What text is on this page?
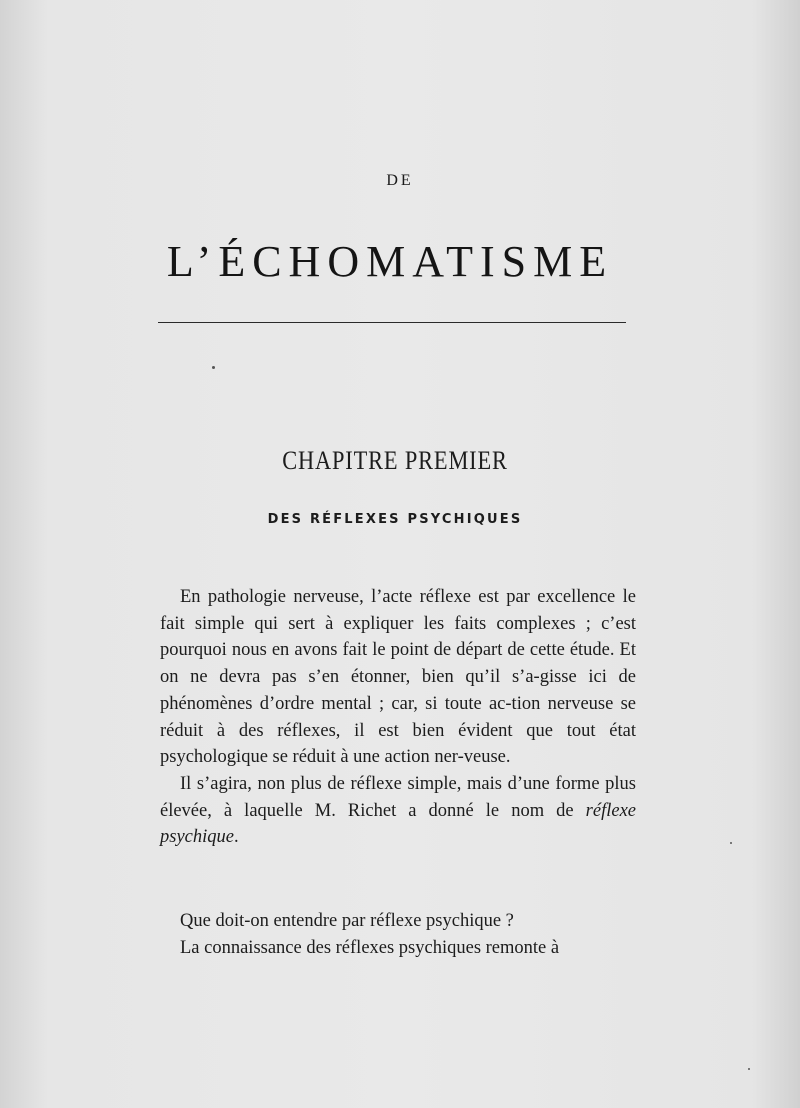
DE
L’ÉCHOMATISME
CHAPITRE PREMIER
DES RÉFLEXES PSYCHIQUES

En pathologie nerveuse, l’acte réflexe est par excellence le fait simple qui sert à expliquer les faits complexes ; c’est pourquoi nous en avons fait le point de départ de cette étude. Et on ne devra pas s’en étonner, bien qu’il s’a-gisse ici de phénomènes d’ordre mental ; car, si toute ac-tion nerveuse se réduit à des réflexes, il est bien évident que tout état psychologique se réduit à une action ner-veuse.

Il s’agira, non plus de réflexe simple, mais d’une forme plus élevée, à laquelle M. Richet a donné le nom de réflexe psychique.

Que doit-on entendre par réflexe psychique ?

La connaissance des réflexes psychiques remonte à
